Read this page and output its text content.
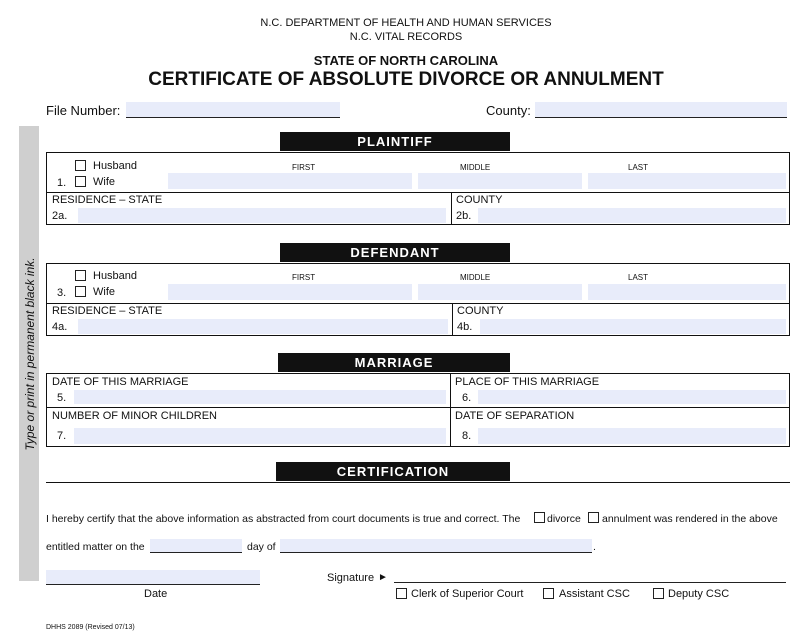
N.C. DEPARTMENT OF HEALTH AND HUMAN SERVICES
N.C. VITAL RECORDS
STATE OF NORTH CAROLINA
CERTIFICATE OF ABSOLUTE DIVORCE OR ANNULMENT
File Number:	County:
Type or print in permanent black ink.
PLAINTIFF
Husband
1. Wife
FIRST	MIDDLE	LAST
RESIDENCE – STATE
2a.
COUNTY
2b.
DEFENDANT
Husband
3. Wife
FIRST	MIDDLE	LAST
RESIDENCE – STATE
4a.
COUNTY
4b.
MARRIAGE
DATE OF THIS MARRIAGE
5.
PLACE OF THIS MARRIAGE
6.
NUMBER OF MINOR CHILDREN
7.
DATE OF SEPARATION
8.
CERTIFICATION
I hereby certify that the above information as abstracted from court documents is true and correct. The	divorce annulment was rendered in the above
entitled matter on the	day of	.
Date
Signature ►
Clerk of Superior Court	Assistant CSC	Deputy CSC
DHHS 2089 (Revised 07/13)
